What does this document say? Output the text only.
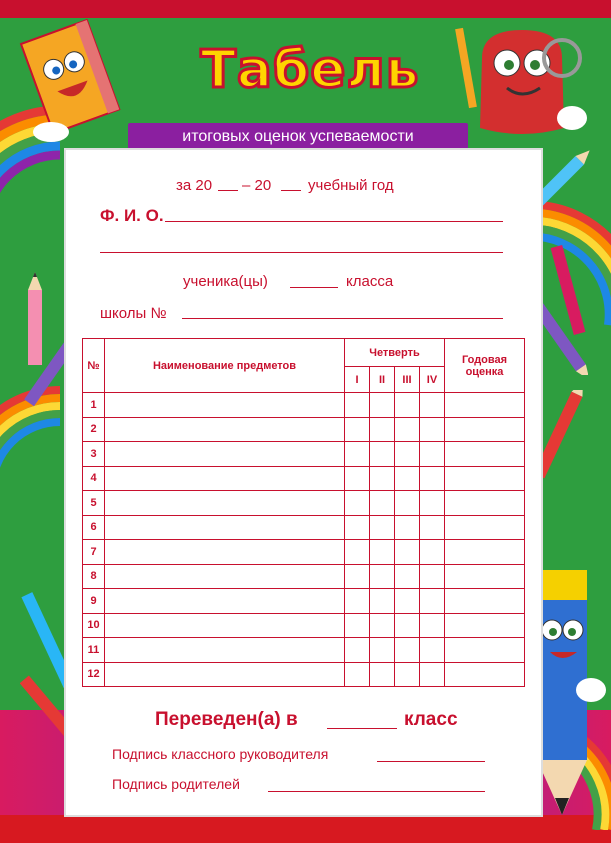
Табель
итоговых оценок успеваемости
за 20 – 20 учебный год
Ф. И. О.
ученика(цы)	класса
школы №
№	Наименование предметов	Четверть				Годовая оценка
		I	II	III	IV	
1						
2						
3						
4						
5						
6						
7						
8						
9						
10						
11						
12						
Переведен(а) в	класс
Подпись классного руководителя
Подпись родителей
